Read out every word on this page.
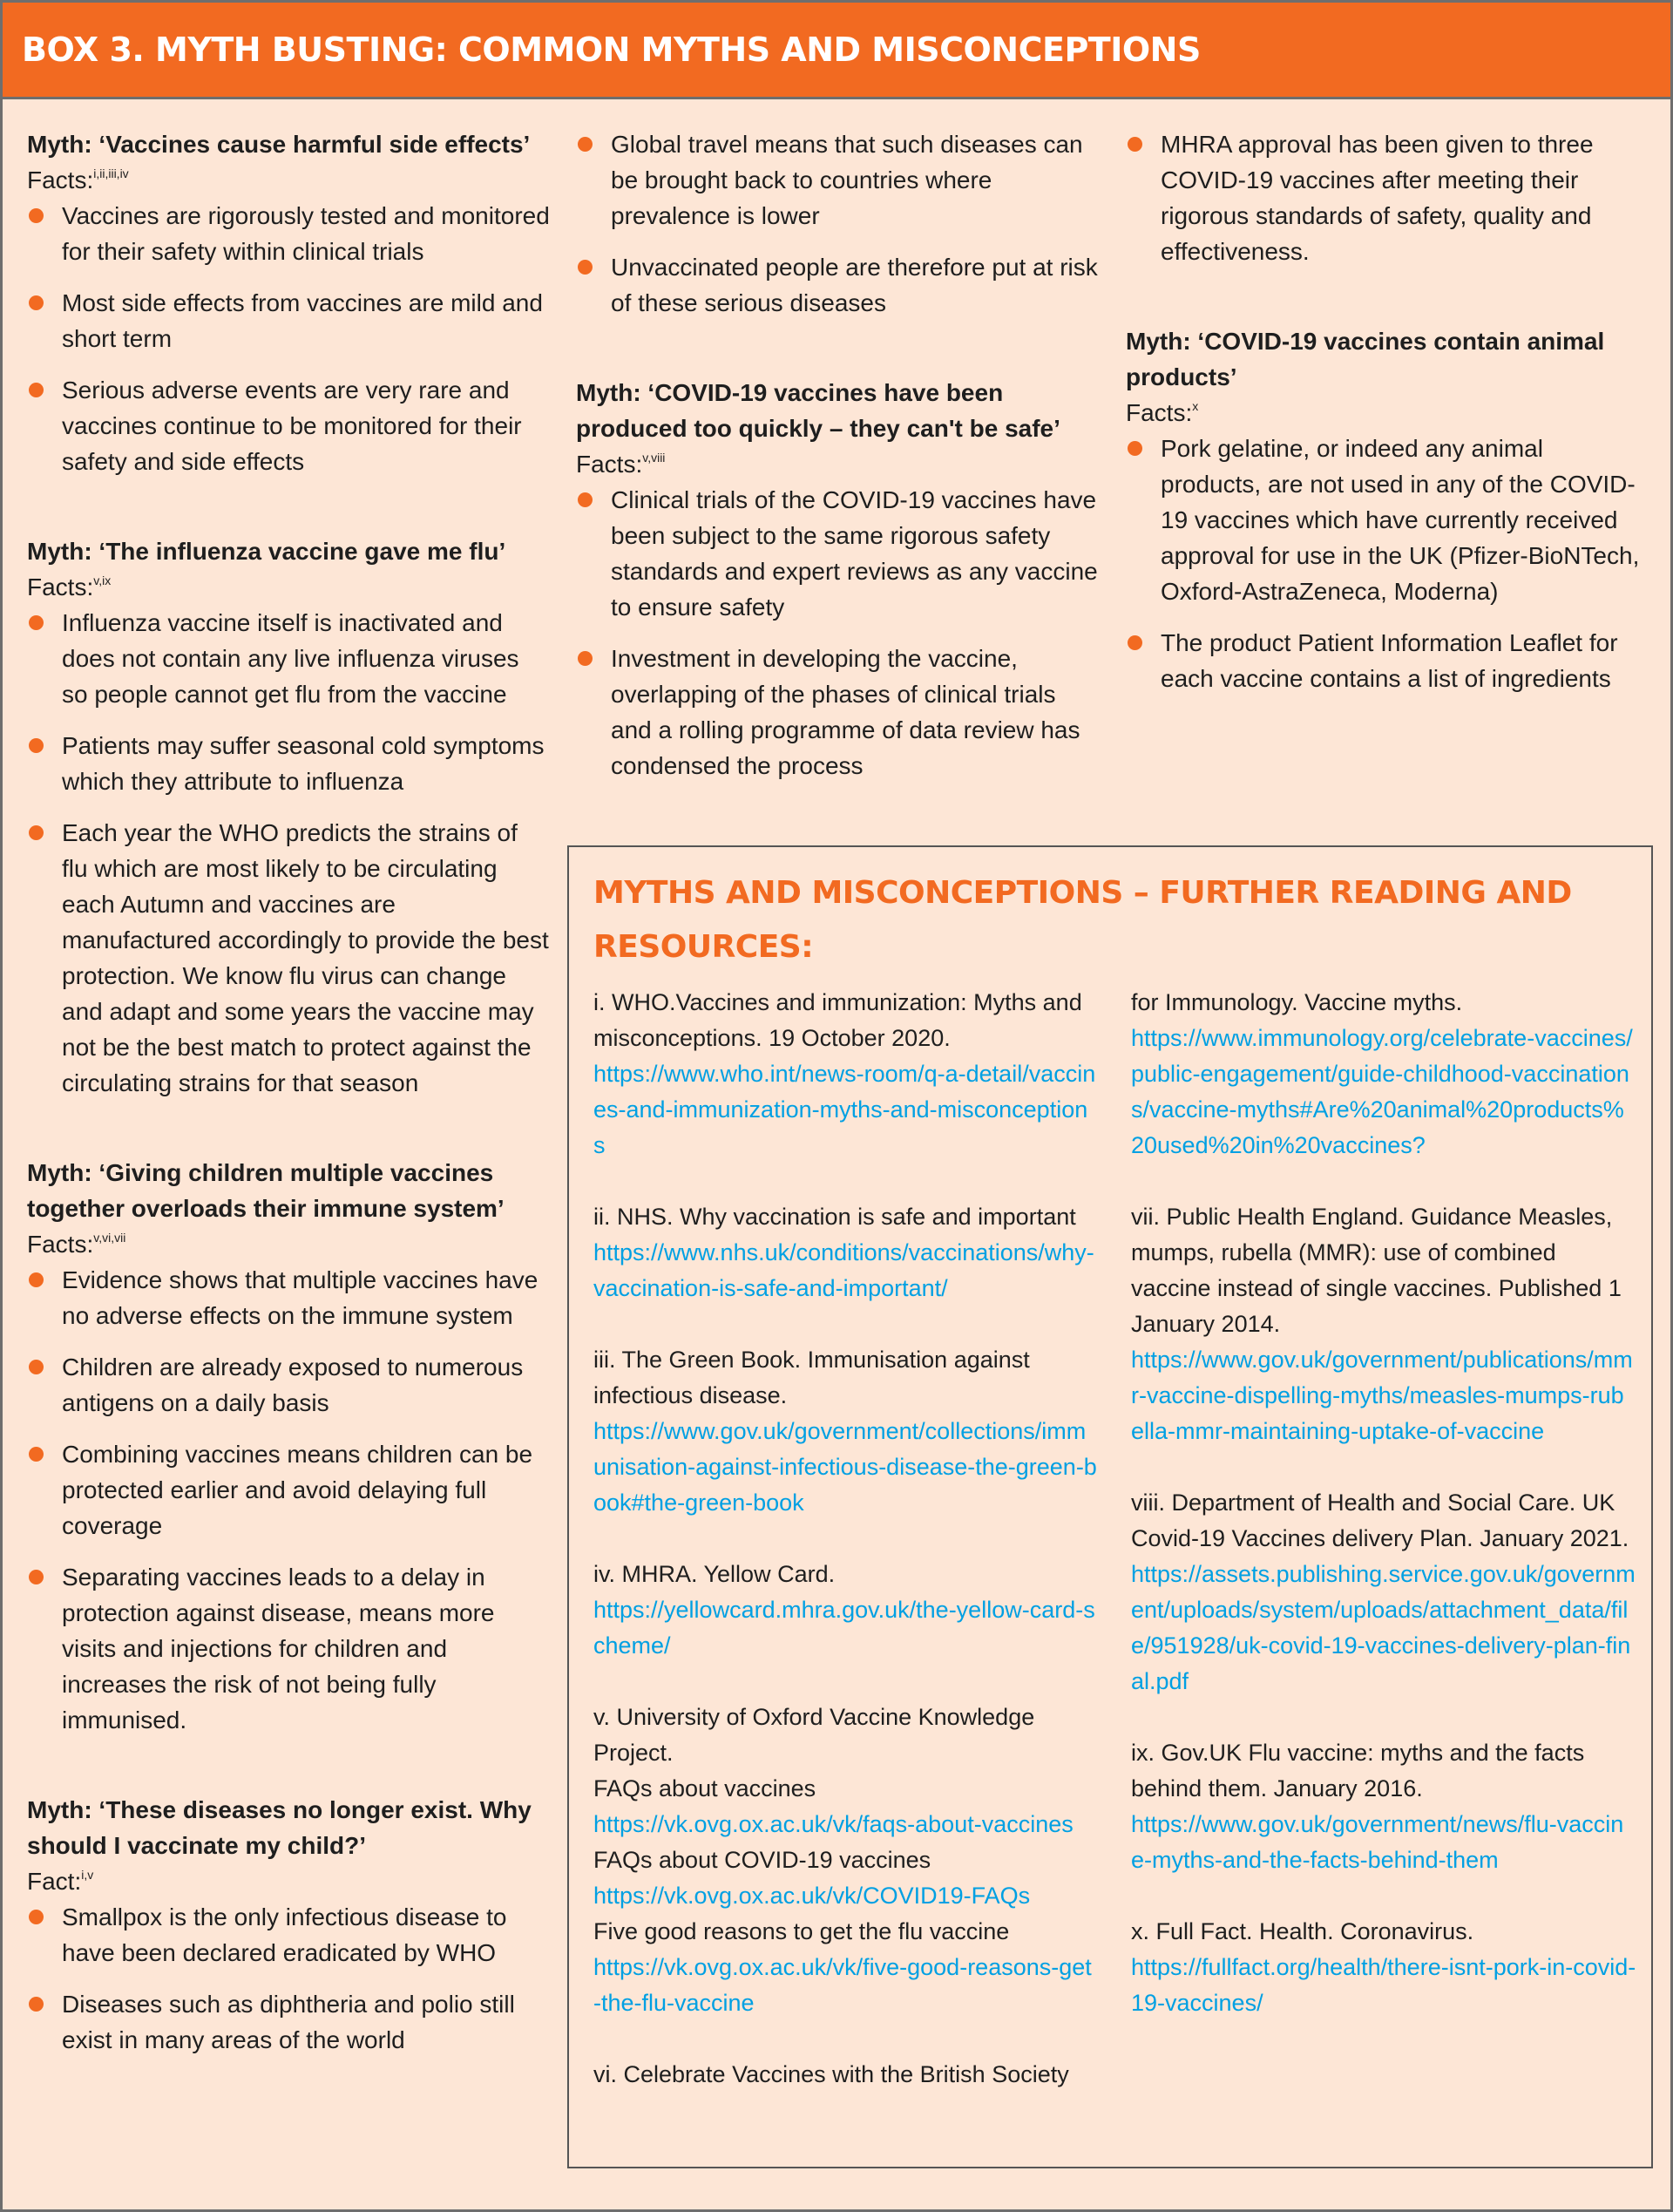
BOX 3. MYTH BUSTING: COMMON MYTHS AND MISCONCEPTIONS

Myth: ‘Vaccines cause harmful side effects’

Facts:$^{i,ii,iii,iv}$

Vaccines are rigorously tested and monitored for their safety within clinical trials
Most side effects from vaccines are mild and short term
Serious adverse events are very rare and vaccines continue to be monitored for their safety and side effects

Myth: ‘The influenza vaccine gave me flu’

Facts:$^{v,ix}$

Influenza vaccine itself is inactivated and does not contain any live influenza viruses so people cannot get flu from the vaccine
Patients may suffer seasonal cold symptoms which they attribute to influenza
Each year the WHO predicts the strains of flu which are most likely to be circulating each Autumn and vaccines are manufactured accordingly to provide the best protection. We know flu virus can change and adapt and some years the vaccine may not be the best match to protect against the circulating strains for that season

Myth: ‘Giving children multiple vaccines together overloads their immune system’

Facts:$^{v,vi,vii}$

Evidence shows that multiple vaccines have no adverse effects on the immune system
Children are already exposed to numerous antigens on a daily basis
Combining vaccines means children can be protected earlier and avoid delaying full coverage
Separating vaccines leads to a delay in protection against disease, means more visits and injections for children and increases the risk of not being fully immunised.

Myth: ‘These diseases no longer exist. Why should I vaccinate my child?’

Fact:$^{i,v}$

Smallpox is the only infectious disease to have been declared eradicated by WHO
Diseases such as diphtheria and polio still exist in many areas of the world
Global travel means that such diseases can be brought back to countries where prevalence is lower
Unvaccinated people are therefore put at risk of these serious diseases

Myth: ‘COVID-19 vaccines have been produced too quickly – they can't be safe’

Facts:$^{v,viii}$

Clinical trials of the COVID-19 vaccines have been subject to the same rigorous safety standards and expert reviews as any vaccine to ensure safety
Investment in developing the vaccine, overlapping of the phases of clinical trials and a rolling programme of data review has condensed the process
MHRA approval has been given to three COVID-19 vaccines after meeting their rigorous standards of safety, quality and effectiveness.

Myth: ‘COVID-19 vaccines contain animal products’

Facts:$^x$

Pork gelatine, or indeed any animal products, are not used in any of the COVID-19 vaccines which have currently received approval for use in the UK (Pfizer-BioNTech, Oxford-AstraZeneca, Moderna)
The product Patient Information Leaflet for each vaccine contains a list of ingredients
MYTHS AND MISCONCEPTIONS – FURTHER READING AND RESOURCES:

i. WHO.Vaccines and immunization: Myths and misconceptions. 19 October 2020.

https://www.who.int/news-room/q-a-detail/vaccines-and-immunization-myths-and-misconceptions

ii. NHS. Why vaccination is safe and important

https://www.nhs.uk/conditions/vaccinations/why-vaccination-is-safe-and-important/

iii. The Green Book. Immunisation against infectious disease.

https://www.gov.uk/government/collections/immunisation-against-infectious-disease-the-green-book#the-green-book

iv. MHRA. Yellow Card.

https://yellowcard.mhra.gov.uk/the-yellow-card-scheme/

v. University of Oxford Vaccine Knowledge Project.

FAQs about vaccines

https://vk.ovg.ox.ac.uk/vk/faqs-about-vaccines

FAQs about COVID-19 vaccines

https://vk.ovg.ox.ac.uk/vk/COVID19-FAQs

Five good reasons to get the flu vaccine

https://vk.ovg.ox.ac.uk/vk/five-good-reasons-get-the-flu-vaccine

vi. Celebrate Vaccines with the British Society

for Immunology. Vaccine myths.

https://www.immunology.org/celebrate-vaccines/public-engagement/guide-childhood-vaccinations/vaccine-myths#Are%20animal%20products%20used%20in%20vaccines?

vii. Public Health England. Guidance Measles, mumps, rubella (MMR): use of combined vaccine instead of single vaccines. Published 1 January 2014.

https://www.gov.uk/government/publications/mmr-vaccine-dispelling-myths/measles-mumps-rubella-mmr-maintaining-uptake-of-vaccine

viii. Department of Health and Social Care. UK Covid-19 Vaccines delivery Plan. January 2021.

https://assets.publishing.service.gov.uk/government/uploads/system/uploads/attachment_data/file/951928/uk-covid-19-vaccines-delivery-plan-final.pdf

ix. Gov.UK Flu vaccine: myths and the facts behind them. January 2016.

https://www.gov.uk/government/news/flu-vaccine-myths-and-the-facts-behind-them

x. Full Fact. Health. Coronavirus.

https://fullfact.org/health/there-isnt-pork-in-covid-19-vaccines/
